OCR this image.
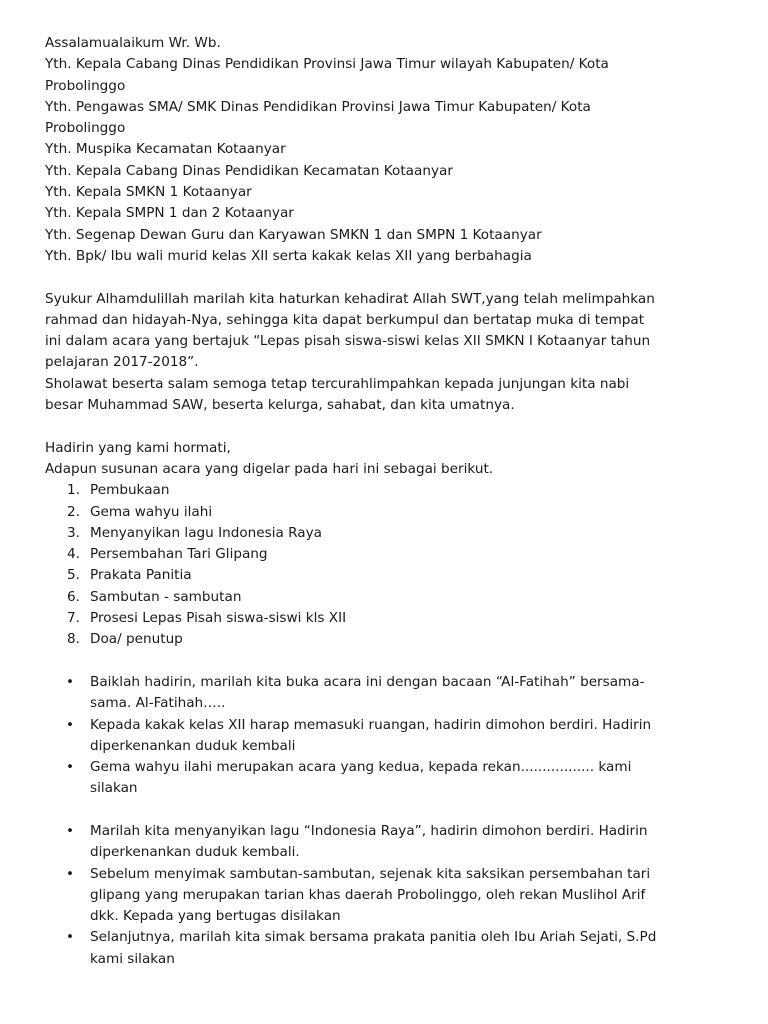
Assalamualaikum Wr. Wb.
Yth. Kepala Cabang Dinas Pendidikan Provinsi Jawa Timur wilayah Kabupaten/ Kota
Probolinggo
Yth. Pengawas SMA/ SMK Dinas Pendidikan Provinsi Jawa Timur Kabupaten/ Kota
Probolinggo
Yth. Muspika Kecamatan Kotaanyar
Yth. Kepala Cabang Dinas Pendidikan Kecamatan Kotaanyar
Yth. Kepala SMKN 1 Kotaanyar
Yth. Kepala SMPN 1 dan 2 Kotaanyar
Yth. Segenap Dewan Guru dan Karyawan SMKN 1 dan SMPN 1 Kotaanyar
Yth. Bpk/ Ibu wali murid kelas XII serta kakak kelas XII yang berbahagia
Syukur Alhamdulillah marilah kita haturkan kehadirat Allah SWT,yang telah melimpahkan
rahmad dan hidayah-Nya, sehingga kita dapat berkumpul dan bertatap muka di tempat
ini dalam acara yang bertajuk “Lepas pisah siswa-siswi kelas XII SMKN I Kotaanyar tahun
pelajaran 2017-2018”.
Sholawat beserta salam semoga tetap tercurahlimpahkan kepada junjungan kita nabi
besar Muhammad SAW, beserta kelurga, sahabat, dan kita umatnya.
Hadirin yang kami hormati,
Adapun susunan acara yang digelar pada hari ini sebagai berikut.
1. Pembukaan
2. Gema wahyu ilahi
3. Menyanyikan lagu Indonesia Raya
4. Persembahan Tari Glipang
5. Prakata Panitia
6. Sambutan - sambutan
7. Prosesi Lepas Pisah siswa-siswi kls XII
8. Doa/ penutup
• Baiklah hadirin, marilah kita buka acara ini dengan bacaan “Al-Fatihah” bersama-
sama. Al-Fatihah…..
• Kepada kakak kelas XII harap memasuki ruangan, hadirin dimohon berdiri. Hadirin
diperkenankan duduk kembali
• Gema wahyu ilahi merupakan acara yang kedua, kepada rekan................. kami
silakan
• Marilah kita menyanyikan lagu “Indonesia Raya”, hadirin dimohon berdiri. Hadirin
diperkenankan duduk kembali.
• Sebelum menyimak sambutan-sambutan, sejenak kita saksikan persembahan tari
glipang yang merupakan tarian khas daerah Probolinggo, oleh rekan Muslihol Arif
dkk. Kepada yang bertugas disilakan
• Selanjutnya, marilah kita simak bersama prakata panitia oleh Ibu Ariah Sejati, S.Pd
kami silakan
